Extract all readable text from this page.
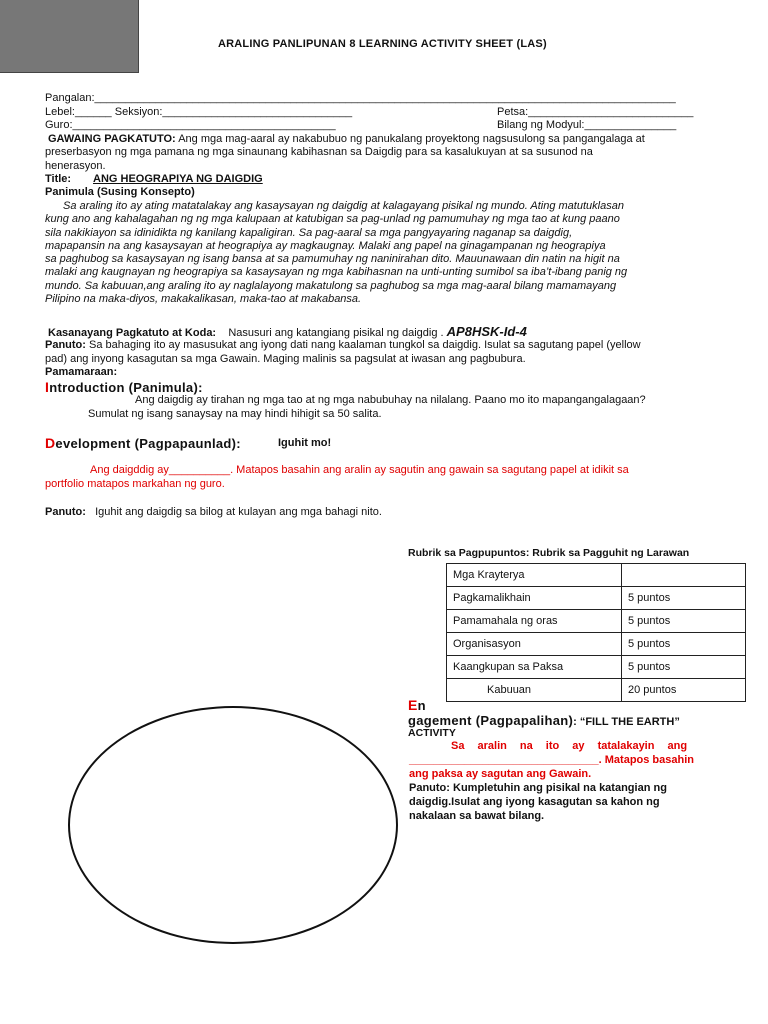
ARALING PANLIPUNAN 8 LEARNING ACTIVITY SHEET (LAS)
Pangalan:_______________________________________________________________________________________________
Lebel:______ Seksiyon:_______________________________	Petsa:___________________________
Guro:___________________________________________	Bilang ng Modyul:_______________
GAWAING PAGKATUTO: Ang mga mag-aaral ay nakabubuo ng panukalang proyektong nagsusulong sa pangangalaga at
preserbasyon ng mga pamana ng mga sinaunang kabihasnan sa Daigdig para sa kasalukuyan at sa susunod na
henerasyon.
Title: ANG HEOGRAPIYA NG DAIGDIG
Panimula (Susing Konsepto)
Sa araling ito ay ating matatalakay ang kasaysayan ng daigdig at kalagayang pisikal ng mundo. Ating matutuklasan
kung ano ang kahalagahan ng ng mga kalupaan at katubigan sa pag-unlad ng pamumuhay ng mga tao at kung paano
sila nakikiayon sa idinidikta ng kanilang kapaligiran. Sa pag-aaral sa mga pangyayaring naganap sa daigdig,
mapapansin na ang kasaysayan at heograpiya ay magkaugnay. Malaki ang papel na ginagampanan ng heograpiya
sa paghubog sa kasaysayan ng isang bansa at sa pamumuhay ng naninirahan dito. Mauunawaan din natin na higit na
malaki ang kaugnayan ng heograpiya sa kasaysayan ng mga kabihasnan na unti-unting sumibol sa iba’t-ibang panig ng
mundo. Sa kabuuan,ang araling ito ay naglalayong makatulong sa paghubog sa mga mag-aaral bilang mamamayang
Pilipino na maka-diyos, makakalikasan, maka-tao at makabansa.
Kasanayang Pagkatuto at Koda: Nasusuri ang katangiang pisikal ng daigdig . AP8HSK-Id-4
Panuto: Sa bahaging ito ay masusukat ang iyong dati nang kaalaman tungkol sa daigdig. Isulat sa sagutang papel (yellow
pad) ang inyong kasagutan sa mga Gawain. Maging malinis sa pagsulat at iwasan ang pagbubura.
Pamamaraan:
Introduction (Panimula):
Ang daigdig ay tirahan ng mga tao at ng mga nabubuhay na nilalang. Paano mo ito mapangangalagaan?
Sumulat ng isang sanaysay na may hindi hihigit sa 50 salita.
Development (Pagpapaunlad):	Iguhit mo!
Ang daigddig ay__________. Matapos basahin ang aralin ay sagutin ang gawain sa sagutang papel at idikit sa
portfolio matapos markahan ng guro.
Panuto: Iguhit ang daigdig sa bilog at kulayan ang mga bahagi nito.
Rubrik sa Pagpupuntos: Rubrik sa Pagguhit ng Larawan
Mga Krayterya	
Pagkamalikhain	5 puntos
Pamamahala ng oras	5 puntos
Organisasyon	5 puntos
Kaangkupan sa Paksa	5 puntos
Kabuuan	20 puntos
En
gagement (Pagpapalihan): “FILL THE EARTH”
ACTIVITY
Sa aralin na ito ay tatalakayin ang
_______________________________. Matapos basahin
ang paksa ay sagutan ang Gawain.
Panuto: Kumpletuhin ang pisikal na katangian ng
daigdig.Isulat ang iyong kasagutan sa kahon ng
nakalaan sa bawat bilang.
